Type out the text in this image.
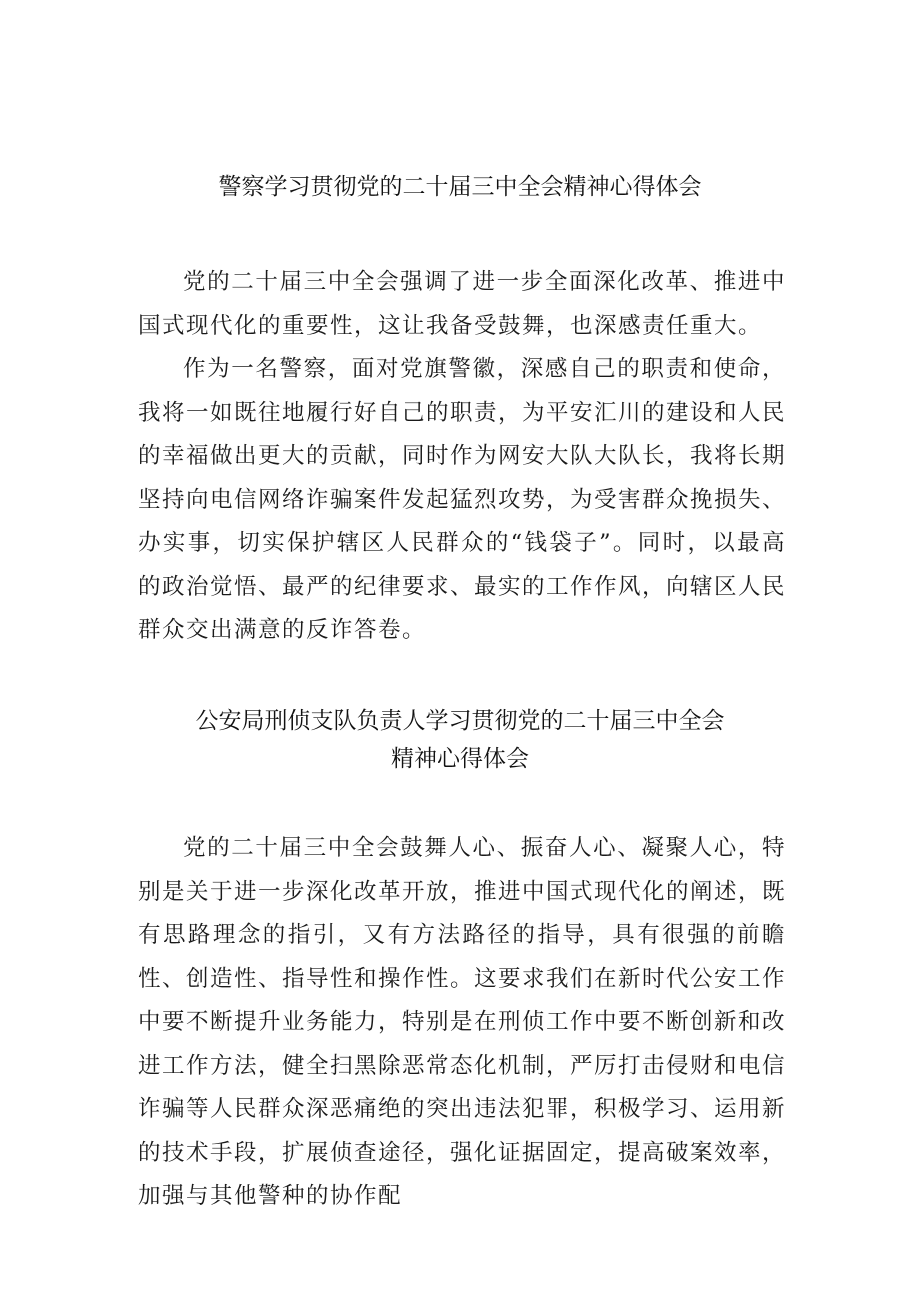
警察学习贯彻党的二十届三中全会精神心得体会

党的二十届三中全会强调了进一步全面深化改革、推进中国式现代化的重要性，这让我备受鼓舞，也深感责任重大。

作为一名警察，面对党旗警徽，深感自己的职责和使命，我将一如既往地履行好自己的职责，为平安汇川的建设和人民的幸福做出更大的贡献，同时作为网安大队大队长，我将长期坚持向电信网络诈骗案件发起猛烈攻势，为受害群众挽损失、办实事，切实保护辖区人民群众的“钱袋子”。同时，以最高的政治觉悟、最严的纪律要求、最实的工作作风，向辖区人民群众交出满意的反诈答卷。

公安局刑侦支队负责人学习贯彻党的二十届三中全会
精神心得体会

党的二十届三中全会鼓舞人心、振奋人心、凝聚人心，特别是关于进一步深化改革开放，推进中国式现代化的阐述，既有思路理念的指引，又有方法路径的指导，具有很强的前瞻性、创造性、指导性和操作性。这要求我们在新时代公安工作中要不断提升业务能力，特别是在刑侦工作中要不断创新和改进工作方法，健全扫黑除恶常态化机制，严厉打击侵财和电信诈骗等人民群众深恶痛绝的突出违法犯罪，积极学习、运用新的技术手段，扩展侦查途径，强化证据固定，提高破案效率，加强与其他警种的协作配
